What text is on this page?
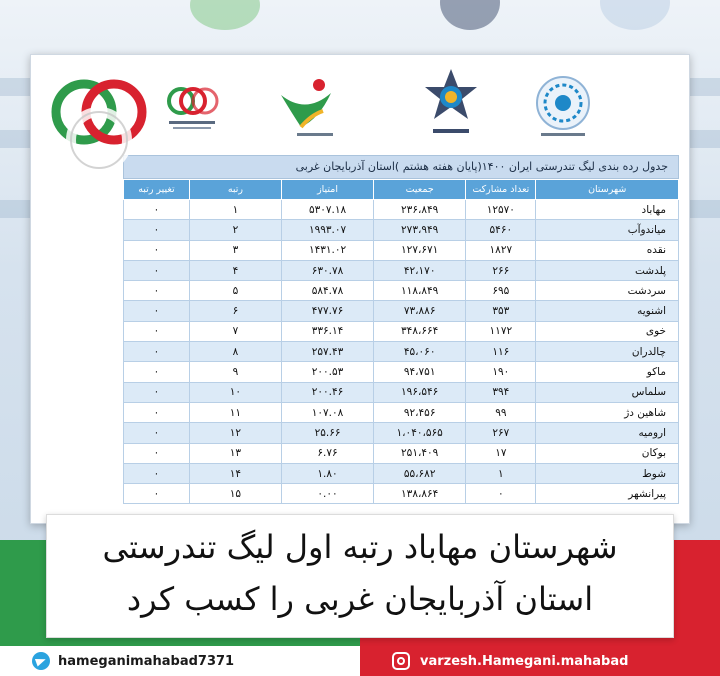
جدول رده بندی لیگ تندرستی ایران ۱۴۰۰(پایان هفته هشتم )استان آذربایجان غربی
شهرستان	تعداد مشارکت	جمعیت	امتیاز	رتبه	تغییر رتبه
مهاباد	۱۲۵۷۰	۲۳۶،۸۴۹	۵۳۰۷.۱۸	۱	۰
میاندوآب	۵۴۶۰	۲۷۳،۹۴۹	۱۹۹۳.۰۷	۲	۰
نقده	۱۸۲۷	۱۲۷،۶۷۱	۱۴۳۱.۰۲	۳	۰
پلدشت	۲۶۶	۴۲،۱۷۰	۶۳۰.۷۸	۴	۰
سردشت	۶۹۵	۱۱۸،۸۴۹	۵۸۴.۷۸	۵	۰
اشنویه	۳۵۳	۷۳،۸۸۶	۴۷۷.۷۶	۶	۰
خوی	۱۱۷۲	۳۴۸،۶۶۴	۳۳۶.۱۴	۷	۰
چالدران	۱۱۶	۴۵،۰۶۰	۲۵۷.۴۳	۸	۰
ماکو	۱۹۰	۹۴،۷۵۱	۲۰۰.۵۳	۹	۰
سلماس	۳۹۴	۱۹۶،۵۴۶	۲۰۰.۴۶	۱۰	۰
شاهین دژ	۹۹	۹۲،۴۵۶	۱۰۷.۰۸	۱۱	۰
ارومیه	۲۶۷	۱،۰۴۰،۵۶۵	۲۵.۶۶	۱۲	۰
بوکان	۱۷	۲۵۱،۴۰۹	۶.۷۶	۱۳	۰
شوط	۱	۵۵،۶۸۲	۱.۸۰	۱۴	۰
پیرانشهر	۰	۱۳۸،۸۶۴	۰.۰۰	۱۵	۰
شهرستان مهاباد رتبه اول لیگ تندرستی
استان آذربایجان غربی را کسب کرد
hameganimahabad7371	varzesh.Hamegani.mahabad
